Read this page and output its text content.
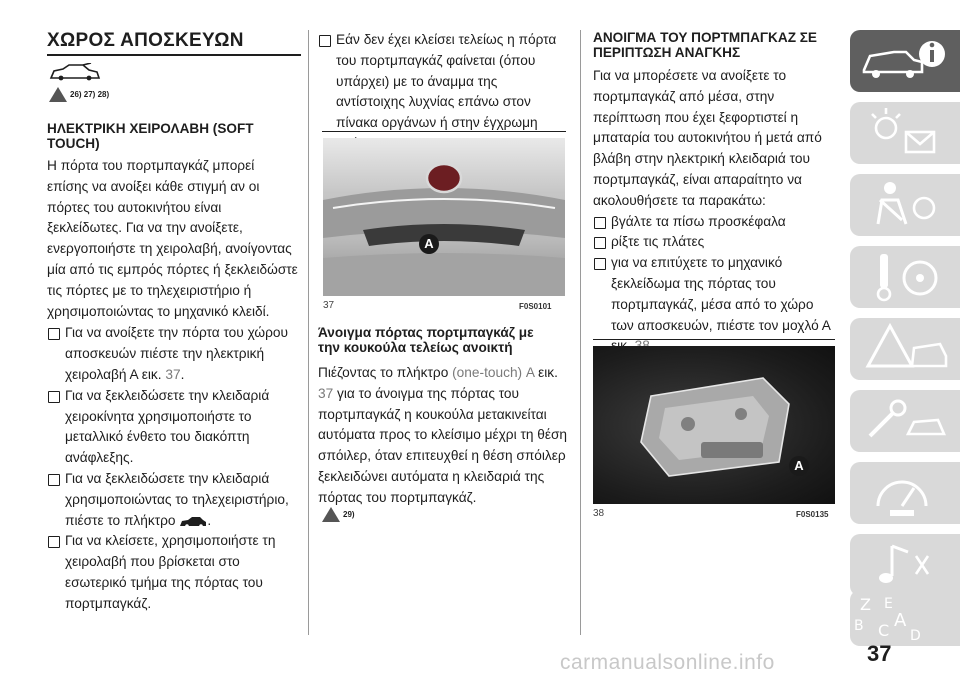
ΧΩΡΟΣ ΑΠΟΣΚΕΥΩΝ
26) 27) 28)
ΗΛΕΚΤΡΙΚΗ ΧΕΙΡΟΛΑΒΗ (SOFT
TOUCH)

Η πόρτα του πορτμπαγκάζ μπορεί επίσης να ανοίξει κάθε στιγμή αν οι πόρτες του αυτοκινήτου είναι ξεκλείδωτες. Για να την ανοίξετε, ενεργοποιήστε τη χειρολαβή, ανοίγοντας μία από τις εμπρός πόρτες ή ξεκλειδώστε τις πόρτες με το τηλεχειριστήριο ή χρησιμοποιώντας το μηχανικό κλειδί.

Για να ανοίξετε την πόρτα του χώρου αποσκευών πιέστε την ηλεκτρική χειρολαβή Α εικ. 37.

Για να ξεκλειδώσετε την κλειδαριά χειροκίνητα χρησιμοποιήστε το μεταλλικό ένθετο του διακόπτη ανάφλεξης.

Για να ξεκλειδώσετε την κλειδαριά χρησιμοποιώντας το τηλεχειριστήριο, πιέστε το πλήκτρο .

Για να κλείσετε, χρησιμοποιήστε τη χειρολαβή που βρίσκεται στο εσωτερικό τμήμα της πόρτας του πορτμπαγκάζ.

Εάν δεν έχει κλείσει τελείως η πόρτα του πορτμπαγκάζ φαίνεται (όπου υπάρχει) με το άναμμα της αντίστοιχης λυχνίας επάνω στον πίνακα οργάνων ή στην έγχρωμη

A
37	F0S0101
Άνοιγμα πόρτας πορτμπαγκάζ με
την κουκούλα τελείως ανοικτή

Πιέζοντας το πλήκτρο (one-touch) A εικ. 37 για το άνοιγμα της πόρτας του πορτμπαγκάζ η κουκούλα μετακινείται αυτόματα προς το κλείσιμο μέχρι τη θέση σπόιλερ, όταν επιτευχθεί η θέση σπόιλερ ξεκλειδώνει αυτόματα η κλειδαριά της πόρτας του πορτμπαγκάζ.

29)
ΑΝΟΙΓΜΑ ΤΟΥ ΠΟΡΤΜΠΑΓΚΑΖ ΣΕ
ΠΕΡΙΠΤΩΣΗ ΑΝΑΓΚΗΣ

Για να μπορέσετε να ανοίξετε το πορτμπαγκάζ από μέσα, στην περίπτωση που έχει ξεφορτιστεί η μπαταρία του αυτοκινήτου ή μετά από βλάβη στην ηλεκτρική κλειδαριά του πορτμπαγκάζ, είναι απαραίτητο να ακολουθήσετε τα παρακάτω:

βγάλτε τα πίσω προσκέφαλα

ρίξτε τις πλάτες

για να επιτύχετε το μηχανικό ξεκλείδωμα της πόρτας του πορτμπαγκάζ, μέσα από το χώρο των αποσκευών, πιέστε τον μοχλό Α

A
38	F0S0135
Z E
B C A
D
37
carmanualsonline.info
